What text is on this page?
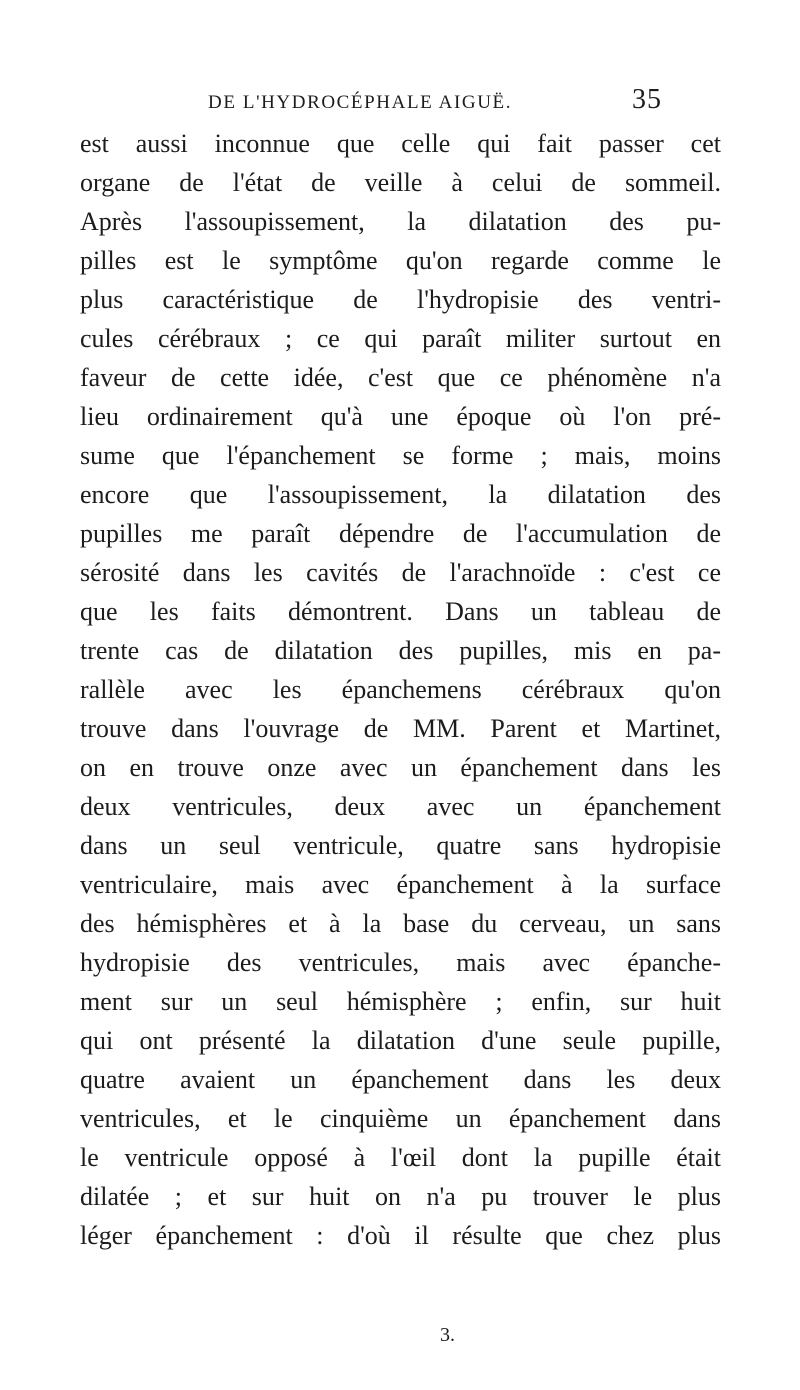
DE L'HYDROCÉPHALE AIGUË.	35
est aussi inconnue que celle qui fait passer cet
organe de l'état de veille à celui de sommeil.
Après l'assoupissement, la dilatation des pu-
pilles est le symptôme qu'on regarde comme le
plus caractéristique de l'hydropisie des ventri-
cules cérébraux ; ce qui paraît militer surtout en
faveur de cette idée, c'est que ce phénomène n'a
lieu ordinairement qu'à une époque où l'on pré-
sume que l'épanchement se forme ; mais, moins
encore que l'assoupissement, la dilatation des
pupilles me paraît dépendre de l'accumulation de
sérosité dans les cavités de l'arachnoïde : c'est ce
que les faits démontrent. Dans un tableau de
trente cas de dilatation des pupilles, mis en pa-
rallèle avec les épanchemens cérébraux qu'on
trouve dans l'ouvrage de MM. Parent et Martinet,
on en trouve onze avec un épanchement dans les
deux ventricules, deux avec un épanchement
dans un seul ventricule, quatre sans hydropisie
ventriculaire, mais avec épanchement à la surface
des hémisphères et à la base du cerveau, un sans
hydropisie des ventricules, mais avec épanche-
ment sur un seul hémisphère ; enfin, sur huit
qui ont présenté la dilatation d'une seule pupille,
quatre avaient un épanchement dans les deux
ventricules, et le cinquième un épanchement dans
le ventricule opposé à l'œil dont la pupille était
dilatée ; et sur huit on n'a pu trouver le plus
léger épanchement : d'où il résulte que chez plus
3.
